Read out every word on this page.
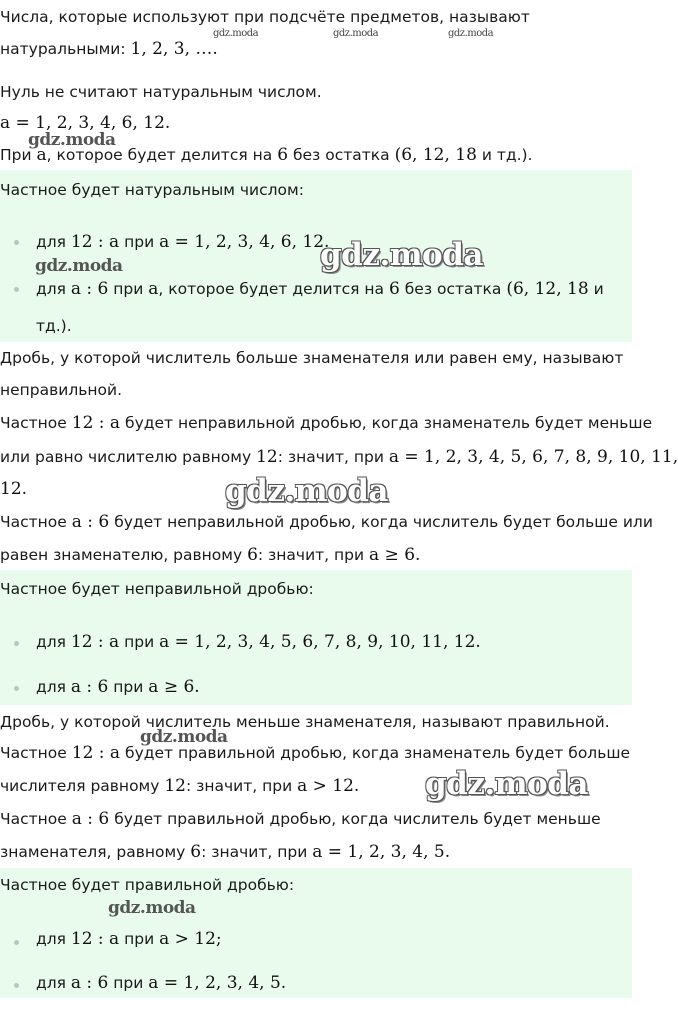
Числа, которые используют при подсчёте предметов, называют
натуральными: 1, 2, 3, ….
Нуль не считают натуральным числом.
a = 1, 2, 3, 4, 6, 12.
При a, которое будет делится на 6 без остатка (6, 12, 18 и тд.).
Частное будет натуральным числом:
для 12 : a при a = 1, 2, 3, 4, 6, 12.
для a : 6 при a, которое будет делится на 6 без остатка (6, 12, 18 и
тд.).
Дробь, у которой числитель больше знаменателя или равен ему, называют
неправильной.
Частное 12 : a будет неправильной дробью, когда знаменатель будет меньше
или равно числителю равному 12: значит, при a = 1, 2, 3, 4, 5, 6, 7, 8, 9, 10, 11,
12.
Частное a : 6 будет неправильной дробью, когда числитель будет больше или
равен знаменателю, равному 6: значит, при a ≥ 6.
Частное будет неправильной дробью:
для 12 : a при a = 1, 2, 3, 4, 5, 6, 7, 8, 9, 10, 11, 12.
для a : 6 при a ≥ 6.
Дробь, у которой числитель меньше знаменателя, называют правильной.
Частное 12 : a будет правильной дробью, когда знаменатель будет больше
числителя равному 12: значит, при a > 12.
Частное a : 6 будет правильной дробью, когда числитель будет меньше
знаменателя, равному 6: значит, при a = 1, 2, 3, 4, 5.
Частное будет правильной дробью:
для 12 : a при a > 12;
для a : 6 при a = 1, 2, 3, 4, 5.
gdz.moda	gdz.moda	gdz.moda
gdz.moda
gdz.moda
gdz.moda
gdz.moda
gdz.moda
gdz.moda
gdz.moda
